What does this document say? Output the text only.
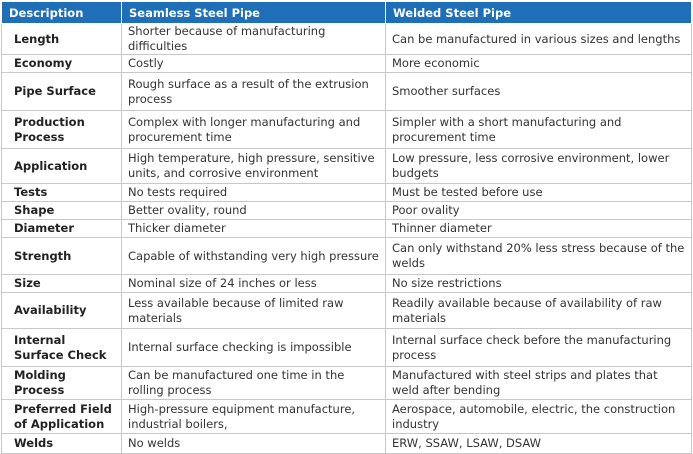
Description	Seamless Steel Pipe	Welded Steel Pipe
Length	Shorter because of manufacturing difficulties	Can be manufactured in various sizes and lengths
Economy	Costly	More economic
Pipe Surface	Rough surface as a result of the extrusion process	Smoother surfaces
Production Process	Complex with longer manufacturing and procurement time	Simpler with a short manufacturing and procurement time
Application	High temperature, high pressure, sensitive units, and corrosive environment	Low pressure, less corrosive environment, lower budgets
Tests	No tests required	Must be tested before use
Shape	Better ovality, round	Poor ovality
Diameter	Thicker diameter	Thinner diameter
Strength	Capable of withstanding very high pressure	Can only withstand 20% less stress because of the welds
Size	Nominal size of 24 inches or less	No size restrictions
Availability	Less available because of limited raw materials	Readily available because of availability of raw materials
Internal Surface Check	Internal surface checking is impossible	Internal surface check before the manufacturing process
Molding Process	Can be manufactured one time in the rolling process	Manufactured with steel strips and plates that weld after bending
Preferred Field of Application	High-pressure equipment manufacture, industrial boilers,	Aerospace, automobile, electric, the construction industry
Welds	No welds	ERW, SSAW, LSAW, DSAW
